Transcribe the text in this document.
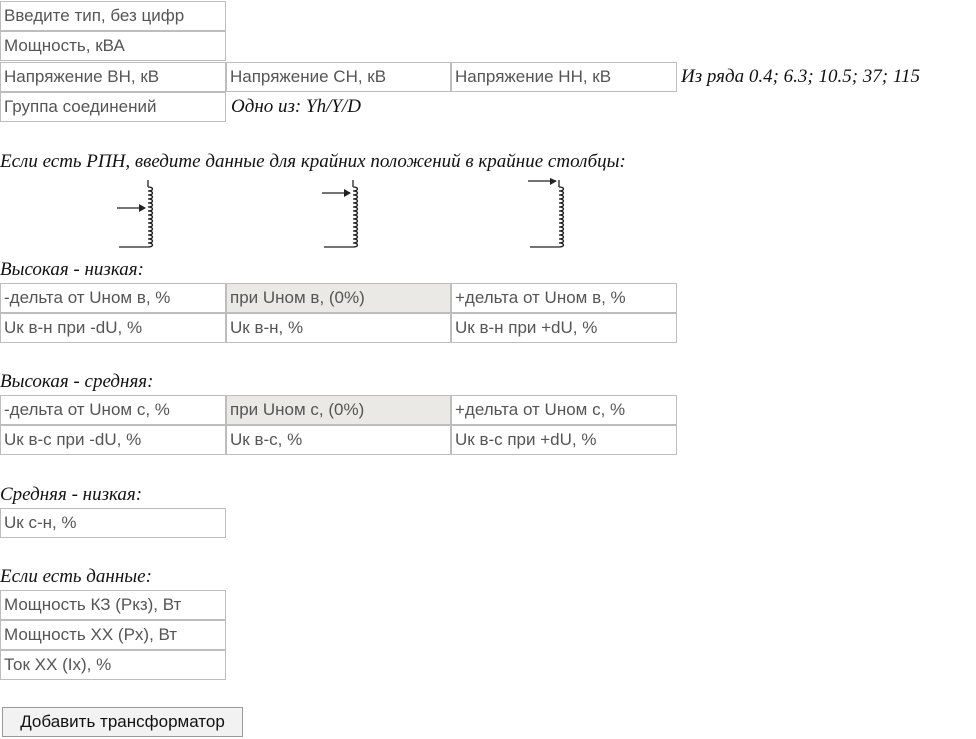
Введите тип, без цифр
Мощность, кВА
Напряжение ВН, кВ
Напряжение СН, кВ
Напряжение НН, кВ
Из ряда 0.4; 6.3; 10.5; 37; 115
Группа соединений
Одно из: Yh/Y/D
Если есть РПН, введите данные для крайних положений в крайние столбцы:
Высокая - низкая:
-дельта от Uном в, %
при Uном в, (0%)
+дельта от Uном в, %
Uк в-н при -dU, %
Uк в-н, %
Uк в-н при +dU, %
Высокая - средняя:
-дельта от Uном с, %
при Uном с, (0%)
+дельта от Uном с, %
Uк в-с при -dU, %
Uк в-с, %
Uк в-с при +dU, %
Средняя - низкая:
Uк с-н, %
Если есть данные:
Мощность КЗ (Ркз), Вт
Мощность ХХ (Рх), Вт
Ток ХХ (Iх), %
Добавить трансформатор
